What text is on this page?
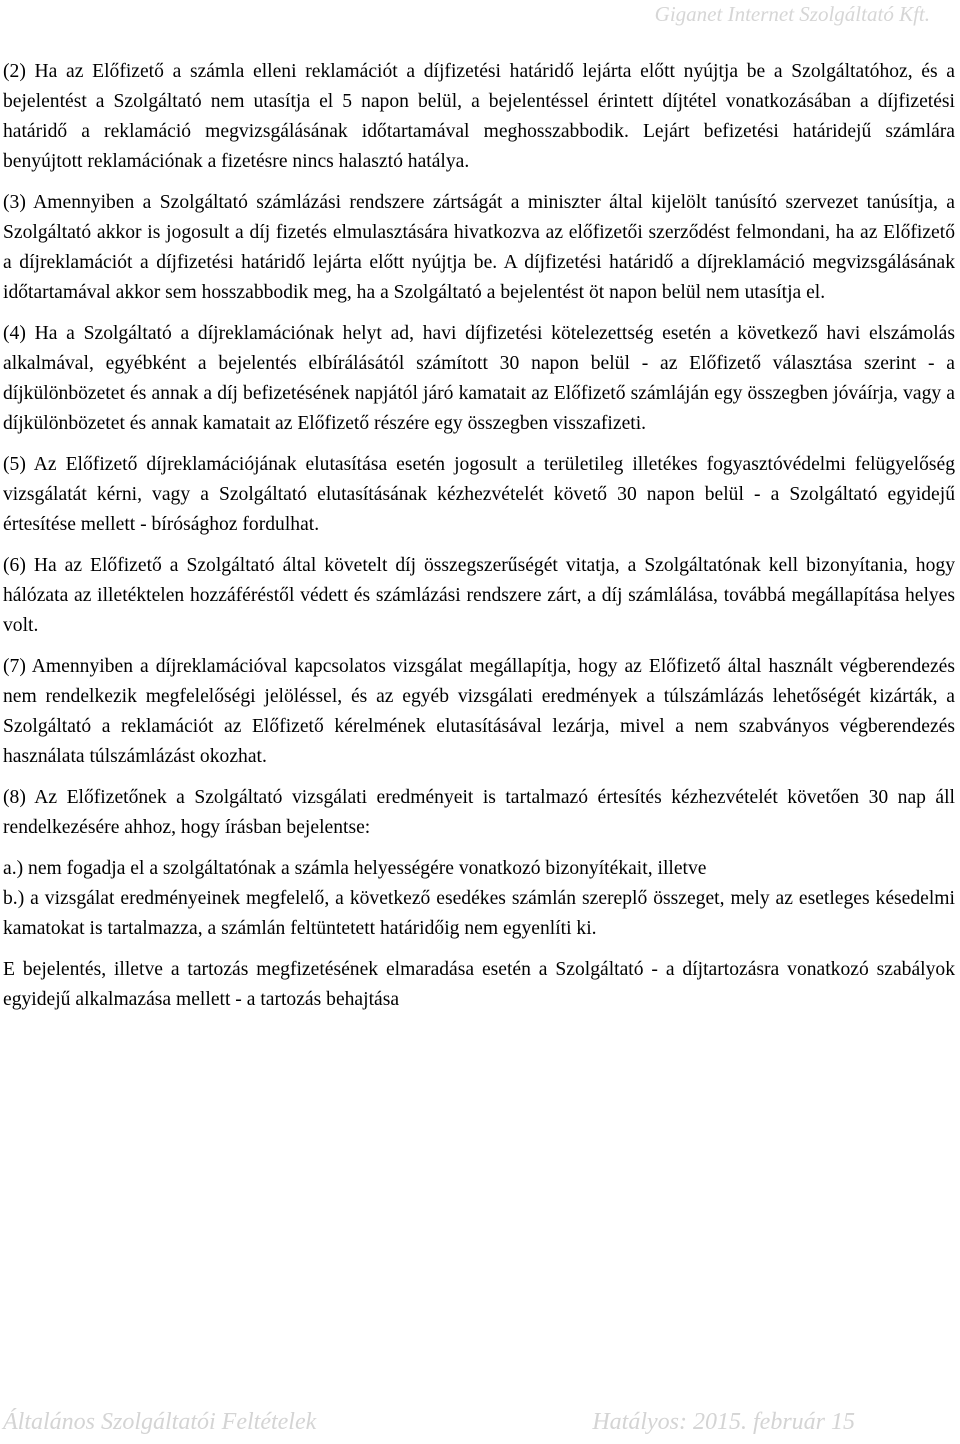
Giganet Internet Szolgáltató Kft.

(2) Ha az Előfizető a számla elleni reklamációt a díjfizetési határidő lejárta előtt nyújtja be a Szolgáltatóhoz, és a bejelentést a Szolgáltató nem utasítja el 5 napon belül, a bejelentéssel érintett díjtétel vonatkozásában a díjfizetési határidő a reklamáció megvizsgálásának időtartamával meghosszabbodik. Lejárt befizetési határidejű számlára benyújtott reklamációnak a fizetésre nincs halasztó hatálya.

(3) Amennyiben a Szolgáltató számlázási rendszere zártságát a miniszter által kijelölt tanúsító szervezet tanúsítja, a Szolgáltató akkor is jogosult a díj fizetés elmulasztására hivatkozva az előfizetői szerződést felmondani, ha az Előfizető a díjreklamációt a díjfizetési határidő lejárta előtt nyújtja be. A díjfizetési határidő a díjreklamáció megvizsgálásának időtartamával akkor sem hosszabbodik meg, ha a Szolgáltató a bejelentést öt napon belül nem utasítja el.

(4) Ha a Szolgáltató a díjreklamációnak helyt ad, havi díjfizetési kötelezettség esetén a következő havi elszámolás alkalmával, egyébként a bejelentés elbírálásától számított 30 napon belül - az Előfizető választása szerint - a díjkülönbözetet és annak a díj befizetésének napjától járó kamatait az Előfizető számláján egy összegben jóváírja, vagy a díjkülönbözetet és annak kamatait az Előfizető részére egy összegben visszafizeti.

(5) Az Előfizető díjreklamációjának elutasítása esetén jogosult a területileg illetékes fogyasztóvédelmi felügyelőség vizsgálatát kérni, vagy a Szolgáltató elutasításának kézhezvételét követő 30 napon belül - a Szolgáltató egyidejű értesítése mellett - bírósághoz fordulhat.

(6) Ha az Előfizető a Szolgáltató által követelt díj összegszerűségét vitatja, a Szolgáltatónak kell bizonyítania, hogy hálózata az illetéktelen hozzáféréstől védett és számlázási rendszere zárt, a díj számlálása, továbbá megállapítása helyes volt.

(7) Amennyiben a díjreklamációval kapcsolatos vizsgálat megállapítja, hogy az Előfizető által használt végberendezés nem rendelkezik megfelelőségi jelöléssel, és az egyéb vizsgálati eredmények a túlszámlázás lehetőségét kizárták, a Szolgáltató a reklamációt az Előfizető kérelmének elutasításával lezárja, mivel a nem szabványos végberendezés használata túlszámlázást okozhat.

(8) Az Előfizetőnek a Szolgáltató vizsgálati eredményeit is tartalmazó értesítés kézhezvételét követően 30 nap áll rendelkezésére ahhoz, hogy írásban bejelentse:

a.) nem fogadja el a szolgáltatónak a számla helyességére vonatkozó bizonyítékait, illetve

b.) a vizsgálat eredményeinek megfelelő, a következő esedékes számlán szereplő összeget, mely az esetleges késedelmi kamatokat is tartalmazza, a számlán feltüntetett határidőig nem egyenlíti ki.

E bejelentés, illetve a tartozás megfizetésének elmaradása esetén a Szolgáltató - a díjtartozásra vonatkozó szabályok egyidejű alkalmazása mellett - a tartozás behajtása

Általános Szolgáltatói Feltételek	Hatályos: 2015. február 15
